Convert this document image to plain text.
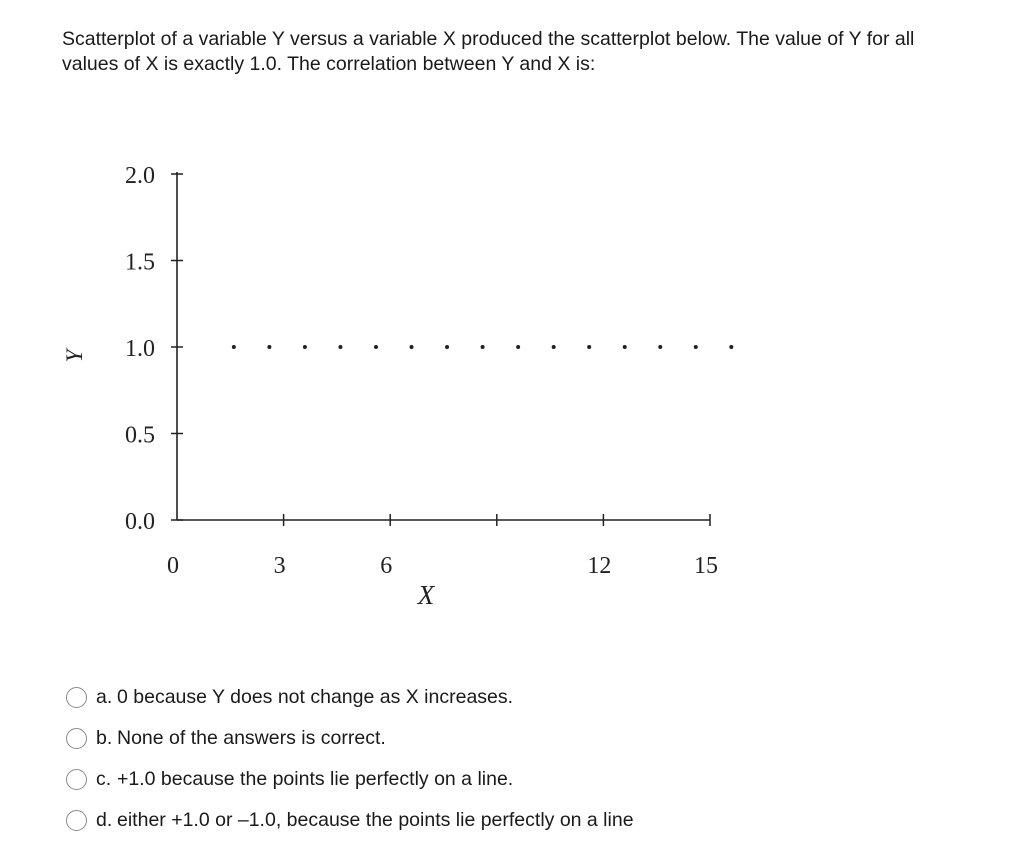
Scatterplot of a variable Y versus a variable X produced the scatterplot below. The value of Y for all
values of X is exactly 1.0. The correlation between Y and X is:

0.0
0.5
1.0
1.5
2.0
0	3	6	12	15
Y
X
a. 0 because Y does not change as X increases.
b. None of the answers is correct.
c. +1.0 because the points lie perfectly on a line.
d. either +1.0 or –1.0, because the points lie perfectly on a line
